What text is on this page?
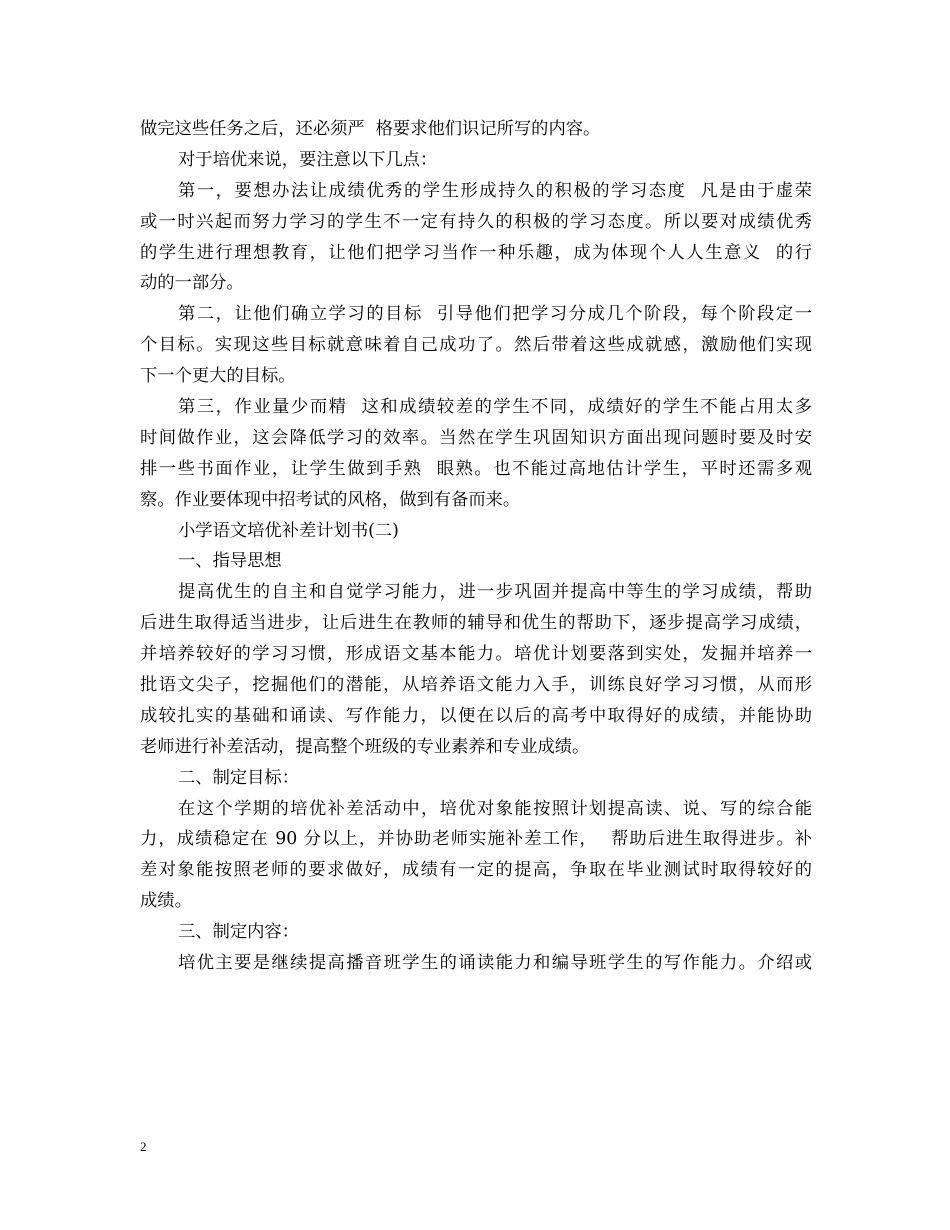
做完这些任务之后，还必须严  格要求他们识记所写的内容。
对于培优来说，要注意以下几点：
第一，要想办法让成绩优秀的学生形成持久的积极的学习态度  凡是由于虚荣
或一时兴起而努力学习的学生不一定有持久的积极的学习态度。所以要对成绩优秀
的学生进行理想教育，让他们把学习当作一种乐趣，成为体现个人人生意义  的行
动的一部分。
第二，让他们确立学习的目标  引导他们把学习分成几个阶段，每个阶段定一
个目标。实现这些目标就意味着自己成功了。然后带着这些成就感，激励他们实现
下一个更大的目标。
第三，作业量少而精  这和成绩较差的学生不同，成绩好的学生不能占用太多
时间做作业，这会降低学习的效率。当然在学生巩固知识方面出现问题时要及时安
排一些书面作业，让学生做到手熟  眼熟。也不能过高地估计学生，平时还需多观
察。作业要体现中招考试的风格，做到有备而来。
小学语文培优补差计划书(二)
一、指导思想
提高优生的自主和自觉学习能力，进一步巩固并提高中等生的学习成绩，帮助
后进生取得适当进步，让后进生在教师的辅导和优生的帮助下，逐步提高学习成绩，
并培养较好的学习习惯，形成语文基本能力。培优计划要落到实处，发掘并培养一
批语文尖子，挖掘他们的潜能，从培养语文能力入手，训练良好学习习惯，从而形
成较扎实的基础和诵读、写作能力，以便在以后的高考中取得好的成绩，并能协助
老师进行补差活动，提高整个班级的专业素养和专业成绩。
二、制定目标：
在这个学期的培优补差活动中，培优对象能按照计划提高读、说、写的综合能
力，成绩稳定在 90 分以上，并协助老师实施补差工作，  帮助后进生取得进步。补
差对象能按照老师的要求做好，成绩有一定的提高，争取在毕业测试时取得较好的
成绩。
三、制定内容：
培优主要是继续提高播音班学生的诵读能力和编导班学生的写作能力。介绍或
2
